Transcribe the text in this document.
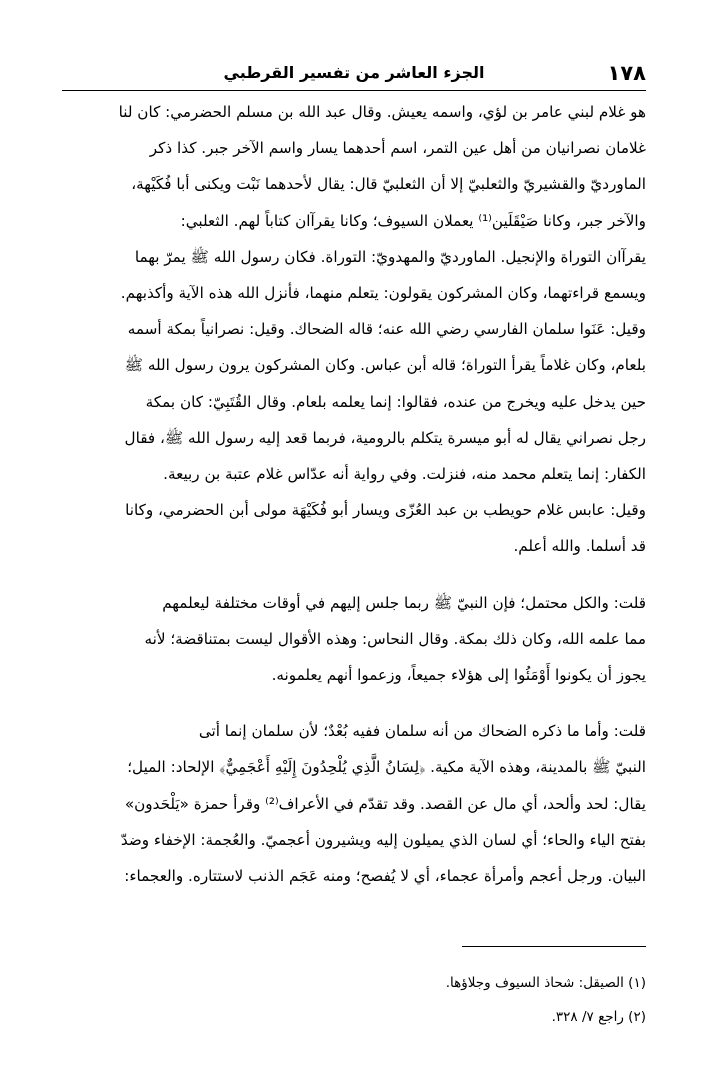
١٧٨
الجزء العاشر من تفسير القرطبي
هو غلام لبني عامر بن لؤي، واسمه يعيش. وقال عبد الله بن مسلم الحضرمي: كان لنا
غلامان نصرانيان من أهل عين التمر، اسم أحدهما يسار واسم الآخر جبر. كذا ذكر
الماورديّ والقشيريّ والثعلبيّ إلا أن الثعلبيّ قال: يقال لأحدهما نَبْت ويكنى أبا فُكَيْهة،
والآخر جبر، وكانا صَيْقَلَين⁽¹⁾ يعملان السيوف؛ وكانا يقرآان كتاباً لهم. الثعلبي:
يقرآان التوراة والإنجيل. الماورديّ والمهدويّ: التوراة. فكان رسول الله ﷺ يمرّ بهما
ويسمع قراءتهما، وكان المشركون يقولون: يتعلم منهما، فأنزل الله هذه الآية وأكذبهم.
وقيل: عَنَوا سلمان الفارسي رضي الله عنه؛ قاله الضحاك. وقيل: نصرانياً بمكة أسمه
بلعام، وكان غلاماً يقرأ التوراة؛ قاله أبن عباس. وكان المشركون يرون رسول الله ﷺ
حين يدخل عليه ويخرج من عنده، فقالوا: إنما يعلمه بلعام. وقال القُتَبِيّ: كان بمكة
رجل نصراني يقال له أبو ميسرة يتكلم بالرومية، فربما قعد إليه رسول الله ﷺ، فقال
الكفار: إنما يتعلم محمد منه، فنزلت. وفي رواية أنه عدّاس غلام عتبة بن ربيعة.
وقيل: عابس غلام حويطب بن عبد العُزّى ويسار أبو فُكَيْهَة مولى أبن الحضرمي، وكانا
قد أسلما. والله أعلم.
قلت: والكل محتمل؛ فإن النبيّ ﷺ ربما جلس إليهم في أوقات مختلفة ليعلمهم
مما علمه الله، وكان ذلك بمكة. وقال النحاس: وهذه الأقوال ليست بمتناقضة؛ لأنه
يجوز أن يكونوا أَوْمَئُوا إلى هؤلاء جميعاً، وزعموا أنهم يعلمونه.
قلت: وأما ما ذكره الضحاك من أنه سلمان ففيه بُعْدٌ؛ لأن سلمان إنما أتى
النبيّ ﷺ بالمدينة، وهذه الآية مكية. ﴿لِسَانُ الَّذِي يُلْحِدُونَ إِلَيْهِ أَعْجَمِيٌّ﴾ الإلحاد: الميل؛
يقال: لحد وألحد، أي مال عن القصد. وقد تقدّم في الأعراف⁽²⁾ وقرأ حمزة «يَلْحَدون»
بفتح الياء والحاء؛ أي لسان الذي يميلون إليه ويشيرون أعجميّ. والعُجمة: الإخفاء وضدّ
البيان. ورجل أعجم وأمرأة عجماء، أي لا يُفصح؛ ومنه عَجَم الذنب لاستتاره. والعجماء:
(١) الصيقل: شحاذ السيوف وجلاؤها.
(٢) راجع ٧/ ٣٢٨.
